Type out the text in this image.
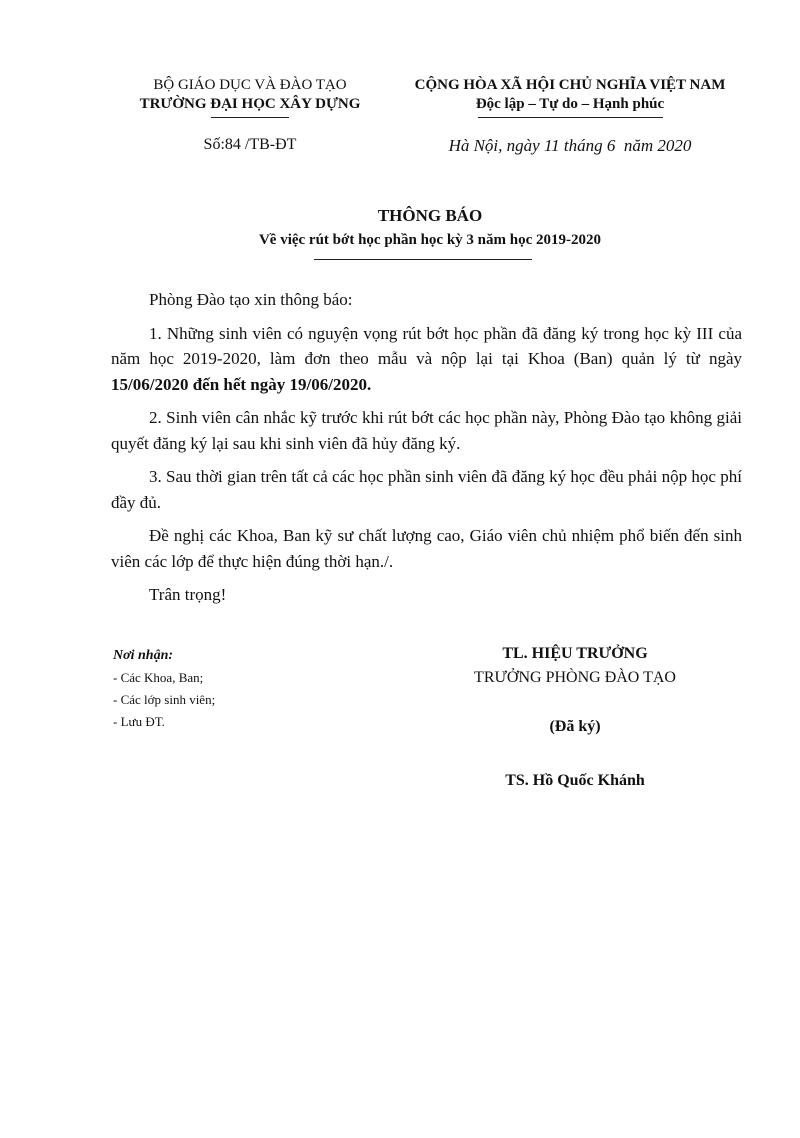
BỘ GIÁO DỤC VÀ ĐÀO TẠO
TRƯỜNG ĐẠI HỌC XÂY DỰNG
CỘNG HÒA XÃ HỘI CHỦ NGHĨA VIỆT NAM
Độc lập – Tự do – Hạnh phúc
Số:84 /TB-ĐT	Hà Nội, ngày 11 tháng 6  năm 2020
THÔNG BÁO
Về việc rút bớt học phần học kỳ 3 năm học 2019-2020

Phòng Đào tạo xin thông báo:

1. Những sinh viên có nguyện vọng rút bớt học phần đã đăng ký trong học kỳ III của năm học 2019-2020, làm đơn theo mẫu và nộp lại tại Khoa (Ban) quản lý từ ngày 15/06/2020 đến hết ngày 19/06/2020.

2. Sinh viên cân nhắc kỹ trước khi rút bớt các học phần này, Phòng Đào tạo không giải quyết đăng ký lại sau khi sinh viên đã hủy đăng ký.

3. Sau thời gian trên tất cả các học phần sinh viên đã đăng ký học đều phải nộp học phí đầy đủ.

Đề nghị các Khoa, Ban kỹ sư chất lượng cao, Giáo viên chủ nhiệm phổ biến đến sinh viên các lớp để thực hiện đúng thời hạn./.

Trân trọng!

Nơi nhận:
- Các Khoa, Ban;
- Các lớp sinh viên;
- Lưu ĐT.
TL. HIỆU TRƯỞNG
TRƯỞNG PHÒNG ĐÀO TẠO
(Đã ký)
TS. Hồ Quốc Khánh
